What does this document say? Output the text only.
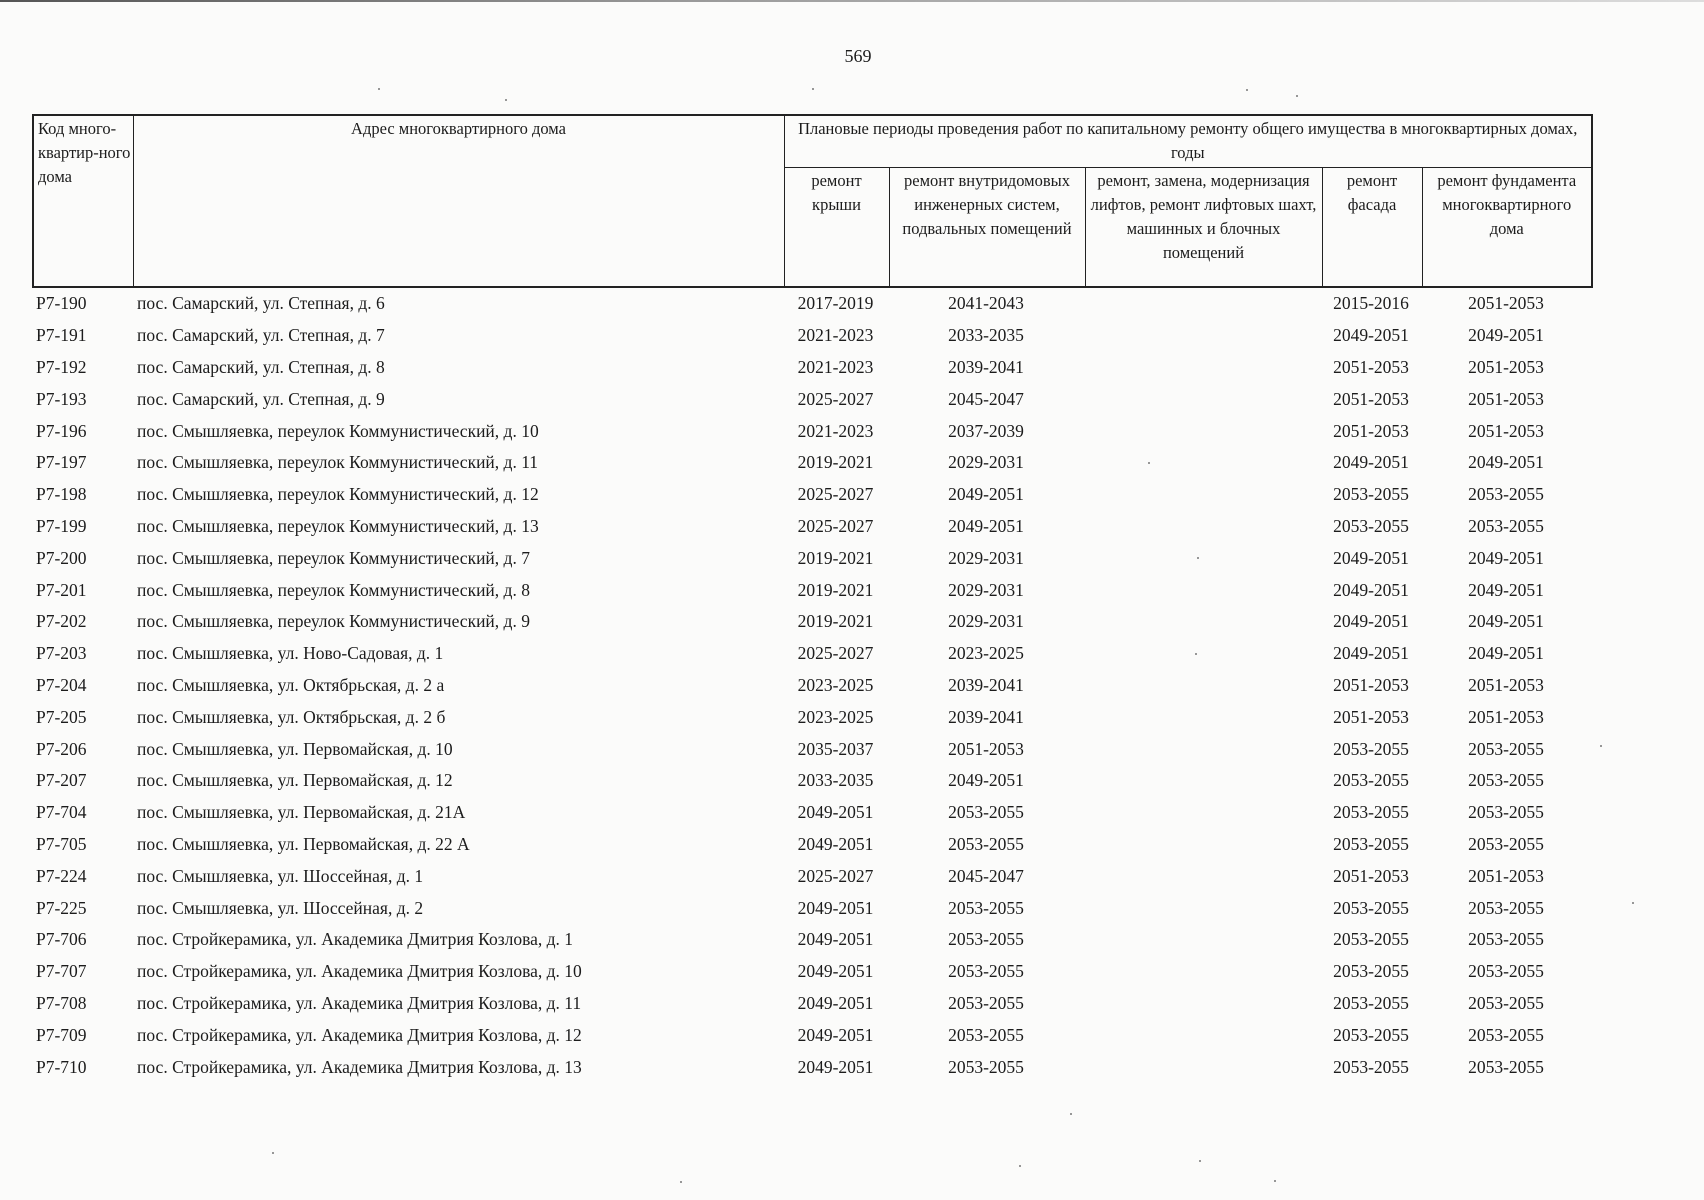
569
Код много-квартир-ного дома	Адрес многоквартирного дома	Плановые периоды проведения работ по капитальному ремонту общего имущества в многоквартирных домах, годы				
		ремонт крыши	ремонт внутридомовых инженерных систем, подвальных помещений	ремонт, замена, модернизация лифтов, ремонт лифтовых шахт, машинных и блочных помещений	ремонт фасада	ремонт фундамента многоквартирного дома
Р7-190	пос. Самарский, ул. Степная, д. 6	2017-2019	2041-2043		2015-2016	2051-2053
Р7-191	пос. Самарский, ул. Степная, д. 7	2021-2023	2033-2035		2049-2051	2049-2051
Р7-192	пос. Самарский, ул. Степная, д. 8	2021-2023	2039-2041		2051-2053	2051-2053
Р7-193	пос. Самарский, ул. Степная, д. 9	2025-2027	2045-2047		2051-2053	2051-2053
Р7-196	пос. Смышляевка, переулок Коммунистический, д. 10	2021-2023	2037-2039		2051-2053	2051-2053
Р7-197	пос. Смышляевка, переулок Коммунистический, д. 11	2019-2021	2029-2031		2049-2051	2049-2051
Р7-198	пос. Смышляевка, переулок Коммунистический, д. 12	2025-2027	2049-2051		2053-2055	2053-2055
Р7-199	пос. Смышляевка, переулок Коммунистический, д. 13	2025-2027	2049-2051		2053-2055	2053-2055
Р7-200	пос. Смышляевка, переулок Коммунистический, д. 7	2019-2021	2029-2031		2049-2051	2049-2051
Р7-201	пос. Смышляевка, переулок Коммунистический, д. 8	2019-2021	2029-2031		2049-2051	2049-2051
Р7-202	пос. Смышляевка, переулок Коммунистический, д. 9	2019-2021	2029-2031		2049-2051	2049-2051
Р7-203	пос. Смышляевка, ул. Ново-Садовая, д. 1	2025-2027	2023-2025		2049-2051	2049-2051
Р7-204	пос. Смышляевка, ул. Октябрьская, д. 2 а	2023-2025	2039-2041		2051-2053	2051-2053
Р7-205	пос. Смышляевка, ул. Октябрьская, д. 2 б	2023-2025	2039-2041		2051-2053	2051-2053
Р7-206	пос. Смышляевка, ул. Первомайская, д. 10	2035-2037	2051-2053		2053-2055	2053-2055
Р7-207	пос. Смышляевка, ул. Первомайская, д. 12	2033-2035	2049-2051		2053-2055	2053-2055
Р7-704	пос. Смышляевка, ул. Первомайская, д. 21А	2049-2051	2053-2055		2053-2055	2053-2055
Р7-705	пос. Смышляевка, ул. Первомайская, д. 22 А	2049-2051	2053-2055		2053-2055	2053-2055
Р7-224	пос. Смышляевка, ул. Шоссейная, д. 1	2025-2027	2045-2047		2051-2053	2051-2053
Р7-225	пос. Смышляевка, ул. Шоссейная, д. 2	2049-2051	2053-2055		2053-2055	2053-2055
Р7-706	пос. Стройкерамика, ул. Академика Дмитрия Козлова, д. 1	2049-2051	2053-2055		2053-2055	2053-2055
Р7-707	пос. Стройкерамика, ул. Академика Дмитрия Козлова, д. 10	2049-2051	2053-2055		2053-2055	2053-2055
Р7-708	пос. Стройкерамика, ул. Академика Дмитрия Козлова, д. 11	2049-2051	2053-2055		2053-2055	2053-2055
Р7-709	пос. Стройкерамика, ул. Академика Дмитрия Козлова, д. 12	2049-2051	2053-2055		2053-2055	2053-2055
Р7-710	пос. Стройкерамика, ул. Академика Дмитрия Козлова, д. 13	2049-2051	2053-2055		2053-2055	2053-2055
